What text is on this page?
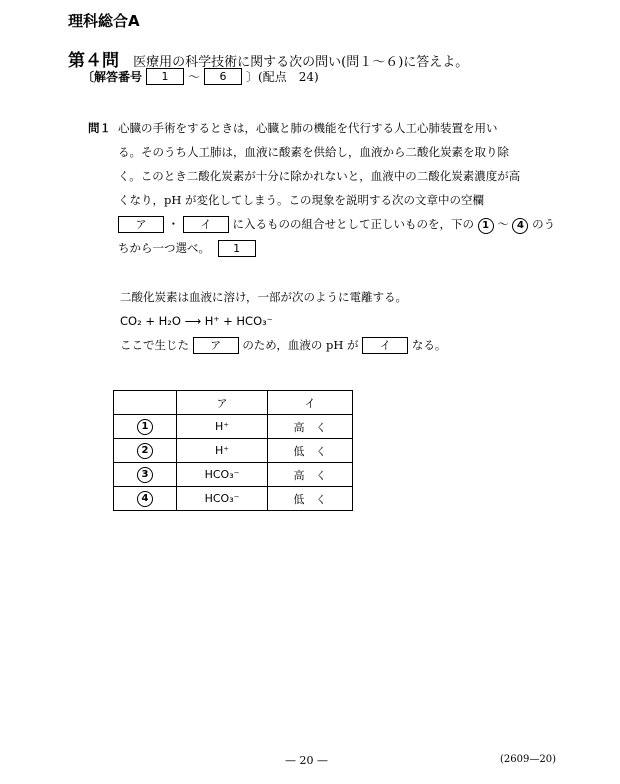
理科総合A
第４問 医療用の科学技術に関する次の問い(問１～６)に答えよ。
〔解答番号	1	～	6	〕(配点　24)
問１ 心臓の手術をするときは，心臓と肺の機能を代行する人工心肺装置を用い
る。そのうち人工肺は，血液に酸素を供給し，血液から二酸化炭素を取り除
く。このとき二酸化炭素が十分に除かれないと，血液中の二酸化炭素濃度が高
くなり，pH が変化してしまう。この現象を説明する次の文章中の空欄
ア ・ イ に入るものの組合せとして正しいものを，下の 1 ～ 4 のう
ちから一つ選べ。 1
二酸化炭素は血液に溶け，一部が次のように電離する。
CO₂ + H₂O ⟶ H⁺ + HCO₃⁻
ここで生じた ア のため，血液の pH が イ なる。
	ア	イ
1	H⁺	高　く
2	H⁺	低　く
3	HCO₃⁻	高　く
4	HCO₃⁻	低　く
— 20 —	(2609—20)
